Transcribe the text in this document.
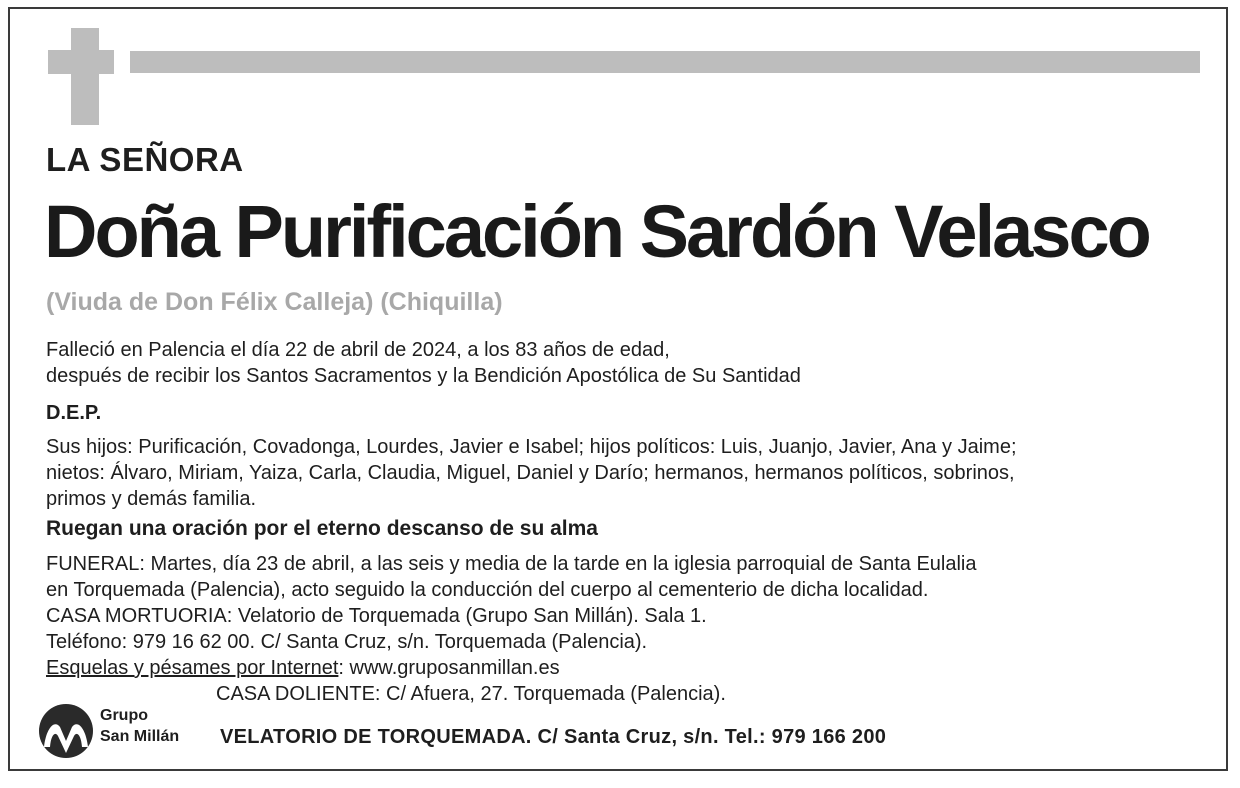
LA SEÑORA

Doña Purificación Sardón Velasco

(Viuda de Don Félix Calleja) (Chiquilla)

Falleció en Palencia el día 22 de abril de 2024, a los 83 años de edad,
después de recibir los Santos Sacramentos y la Bendición Apostólica de Su Santidad

D.E.P.

Sus hijos: Purificación, Covadonga, Lourdes, Javier e Isabel; hijos políticos: Luis, Juanjo, Javier, Ana y Jaime;
nietos: Álvaro, Miriam, Yaiza, Carla, Claudia, Miguel, Daniel y Darío; hermanos, hermanos políticos, sobrinos,
primos y demás familia.

Ruegan una oración por el eterno descanso de su alma

FUNERAL: Martes, día 23 de abril, a las seis y media de la tarde en la iglesia parroquial de Santa Eulalia
en Torquemada (Palencia), acto seguido la conducción del cuerpo al cementerio de dicha localidad.
CASA MORTUORIA: Velatorio de Torquemada (Grupo San Millán). Sala 1.
Teléfono: 979 16 62 00. C/ Santa Cruz, s/n. Torquemada (Palencia).
Esquelas y pésames por Internet: www.gruposanmillan.es

CASA DOLIENTE: C/ Afuera, 27. Torquemada (Palencia).

Grupo
San Millán VELATORIO DE TORQUEMADA. C/ Santa Cruz, s/n. Tel.: 979 166 200
